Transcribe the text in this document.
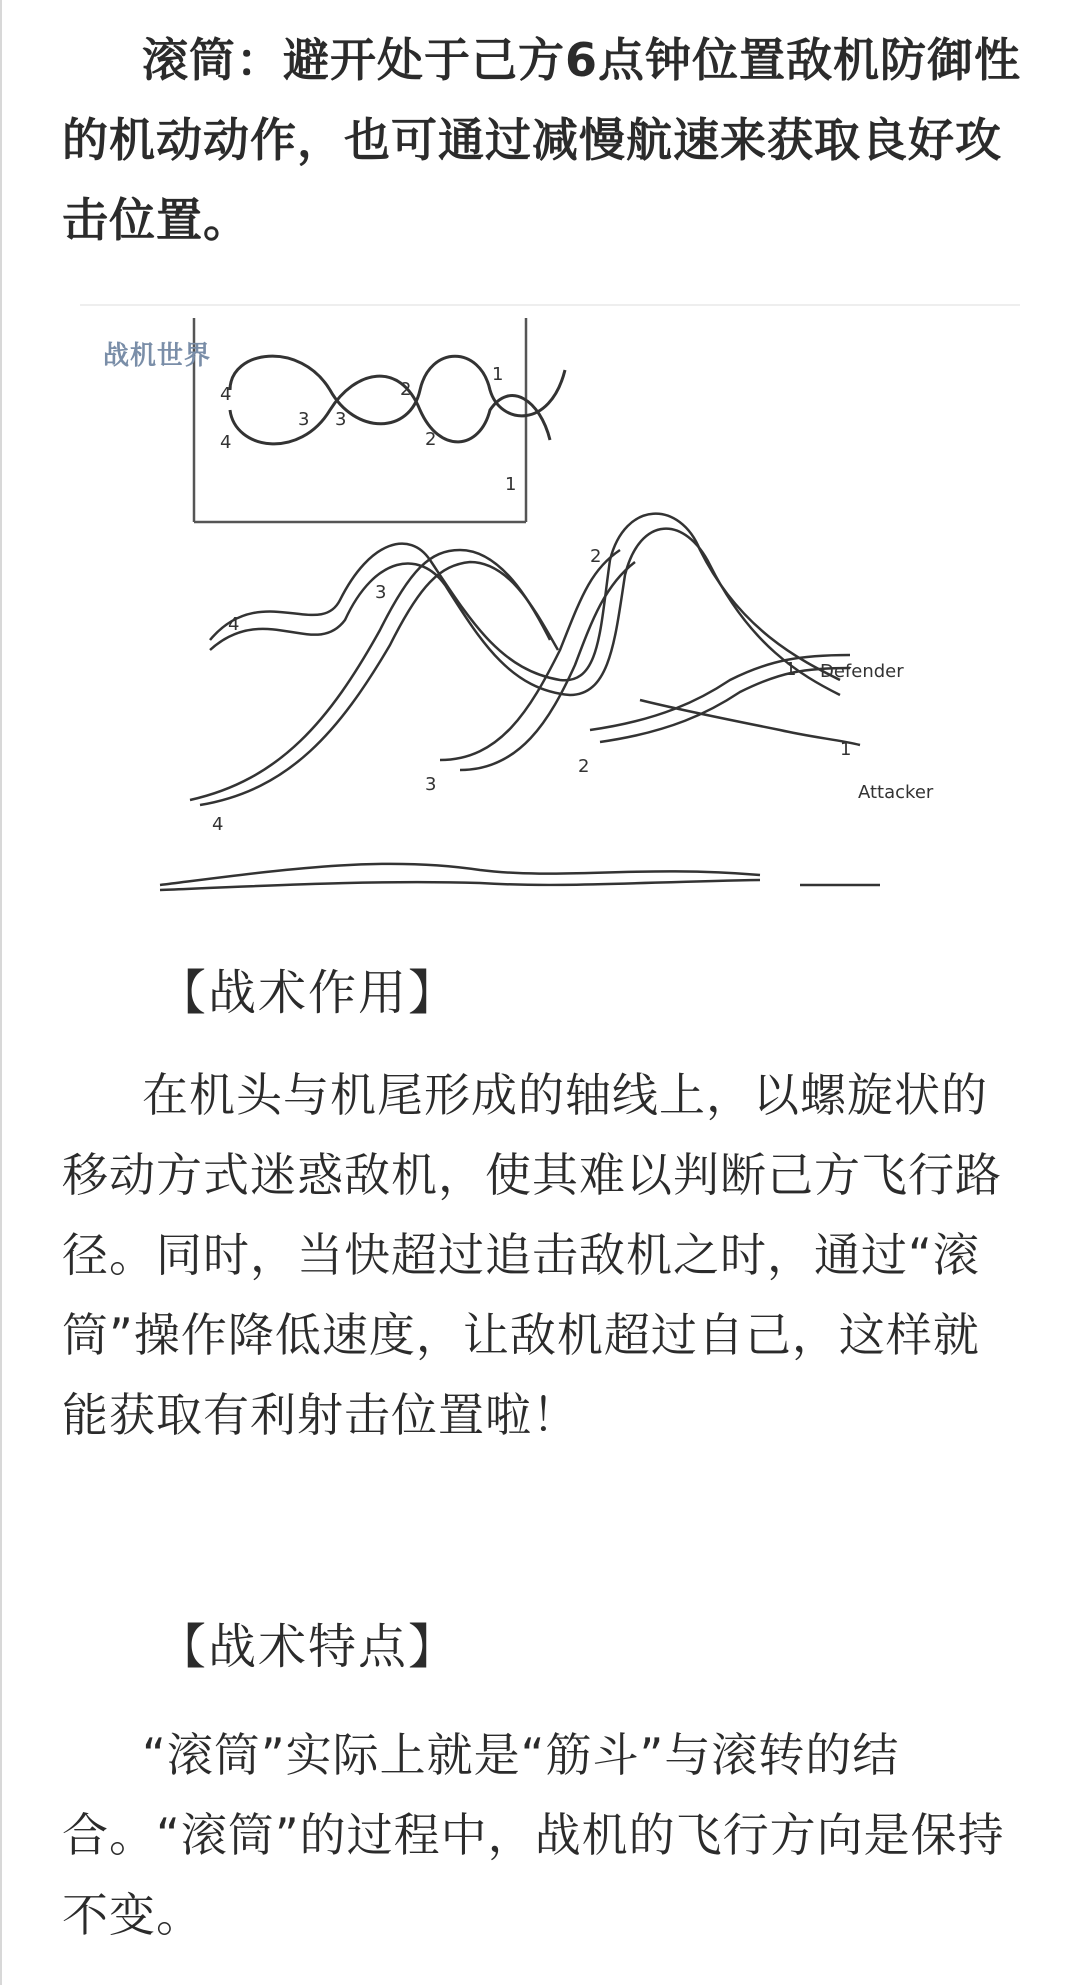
滚筒：避开处于己方6点钟位置敌机防御性的机动动作，也可通过减慢航速来获取良好攻击位置。

1
1
2
2
3 3
4
4
Defender
1
1
Attacker
2
2
3
3
4
4
战机世界

【战术作用】

在机头与机尾形成的轴线上，以螺旋状的移动方式迷惑敌机，使其难以判断己方飞行路径。同时，当快超过追击敌机之时，通过“滚筒”操作降低速度，让敌机超过自己，这样就能获取有利射击位置啦！

【战术特点】

“滚筒”实际上就是“筋斗”与滚转的结合。“滚筒”的过程中，战机的飞行方向是保持不变。
